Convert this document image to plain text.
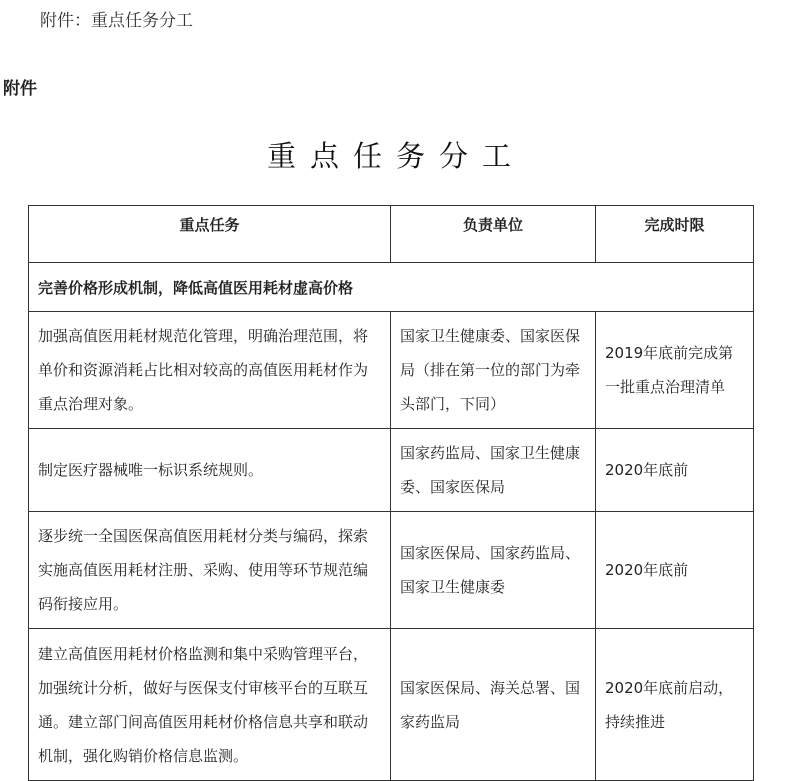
附件：重点任务分工
附件
重点任务分工
重点任务	负责单位	完成时限
完善价格形成机制，降低高值医用耗材虚高价格		
加强高值医用耗材规范化管理，明确治理范围，将单价和资源消耗占比相对较高的高值医用耗材作为重点治理对象。	国家卫生健康委、国家医保局（排在第一位的部门为牵头部门，下同）	2019年底前完成第一批重点治理清单
制定医疗器械唯一标识系统规则。	国家药监局、国家卫生健康委、国家医保局	2020年底前
逐步统一全国医保高值医用耗材分类与编码，探索实施高值医用耗材注册、采购、使用等环节规范编码衔接应用。	国家医保局、国家药监局、国家卫生健康委	2020年底前
建立高值医用耗材价格监测和集中采购管理平台，加强统计分析，做好与医保支付审核平台的互联互通。建立部门间高值医用耗材价格信息共享和联动机制，强化购销价格信息监测。	国家医保局、海关总署、国家药监局	2020年底前启动，持续推进
